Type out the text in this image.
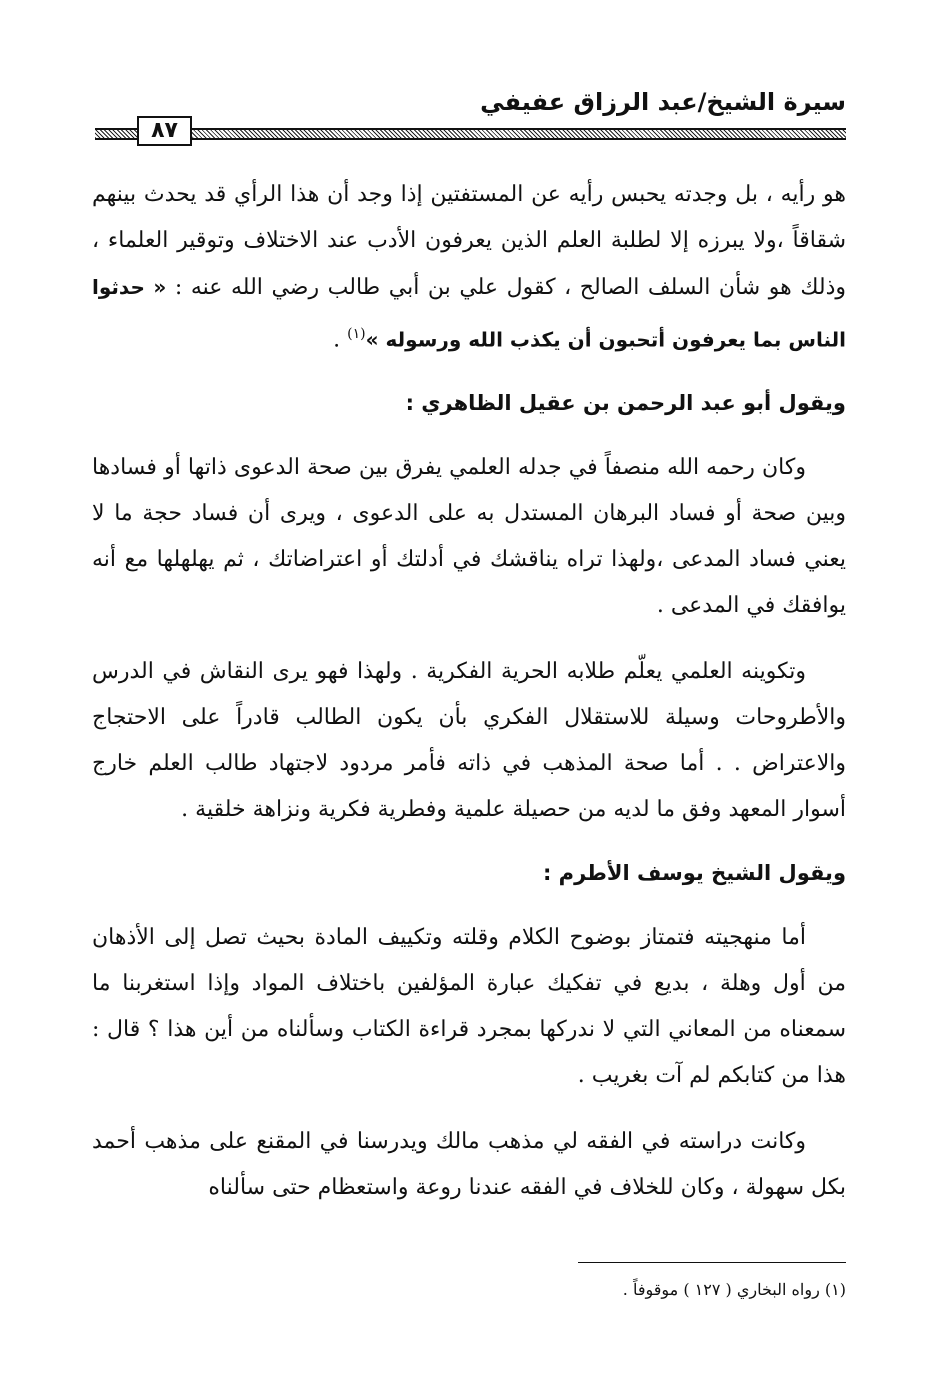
سيرة الشيخ/عبد الرزاق عفيفي
٨٧

هو رأيه ، بل وجدته يحبس رأيه عن المستفتين إذا وجد أن هذا الرأي قد يحدث بينهم شقاقاً ،ولا يبرزه إلا لطلبة العلم الذين يعرفون الأدب عند الاختلاف وتوقير العلماء ، وذلك هو شأن السلف الصالح ، كقول علي بن أبي طالب رضي الله عنه : « حدثوا الناس بما يعرفون أتحبون أن يكذب الله ورسوله »$^{(١)}$ .

ويقول أبو عبد الرحمن بن عقيل الظاهري :

وكان رحمه الله منصفاً في جدله العلمي يفرق بين صحة الدعوى ذاتها أو فسادها وبين صحة أو فساد البرهان المستدل به على الدعوى ، ويرى أن فساد حجة ما لا يعني فساد المدعى ،ولهذا تراه يناقشك في أدلتك أو اعتراضاتك ، ثم يهلهلها مع أنه يوافقك في المدعى .

وتكوينه العلمي يعلّم طلابه الحرية الفكرية . ولهذا فهو يرى النقاش في الدرس والأطروحات وسيلة للاستقلال الفكري بأن يكون الطالب قادراً على الاحتجاج والاعتراض . . أما صحة المذهب في ذاته فأمر مردود لاجتهاد طالب العلم خارج أسوار المعهد وفق ما لديه من حصيلة علمية وفطرية فكرية ونزاهة خلقية .

ويقول الشيخ يوسف الأطرم :

أما منهجيته فتمتاز بوضوح الكلام وقلته وتكييف المادة بحيث تصل إلى الأذهان من أول وهلة ، بديع في تفكيك عبارة المؤلفين باختلاف المواد وإذا استغربنا ما سمعناه من المعاني التي لا ندركها بمجرد قراءة الكتاب وسألناه من أين هذا ؟ قال : هذا من كتابكم لم آت بغريب .

وكانت دراسته في الفقه لي مذهب مالك ويدرسنا في المقنع على مذهب أحمد بكل سهولة ، وكان للخلاف في الفقه عندنا روعة واستعظام حتى سألناه

(١) رواه البخاري ( ١٢٧ ) موقوفاً .
